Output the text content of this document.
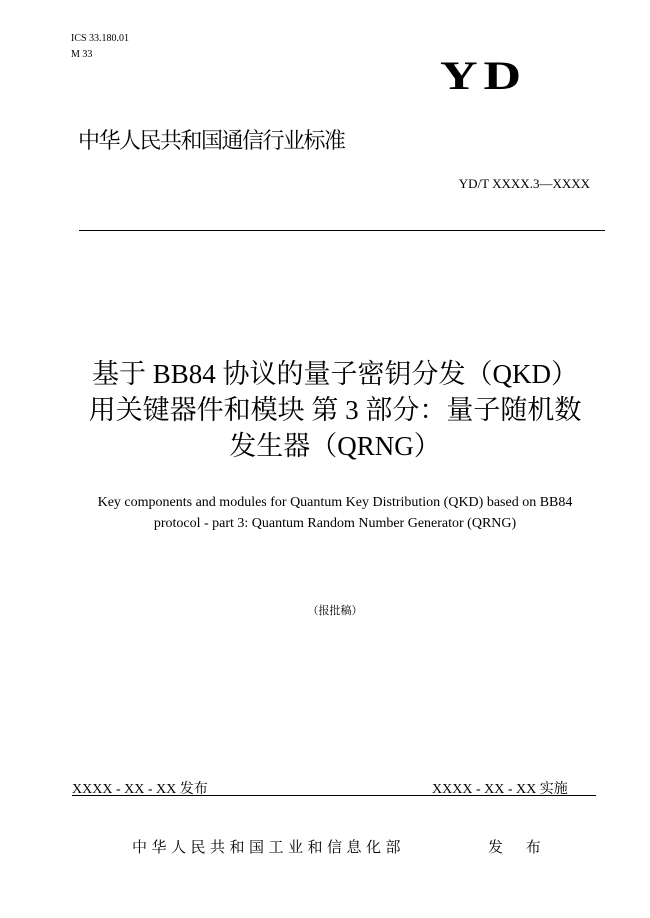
ICS 33.180.01
M 33	YD
中华人民共和国通信行业标准
YD/T XXXX.3—XXXX
基于 BB84 协议的量子密钥分发（QKD）
用关键器件和模块 第 3 部分：量子随机数
发生器（QRNG）
Key components and modules for Quantum Key Distribution (QKD) based on BB84
protocol - part 3: Quantum Random Number Generator (QRNG)
（报批稿）
XXXX - XX - XX 发布	XXXX - XX - XX 实施
中华人民共和国工业和信息化部	发 布
